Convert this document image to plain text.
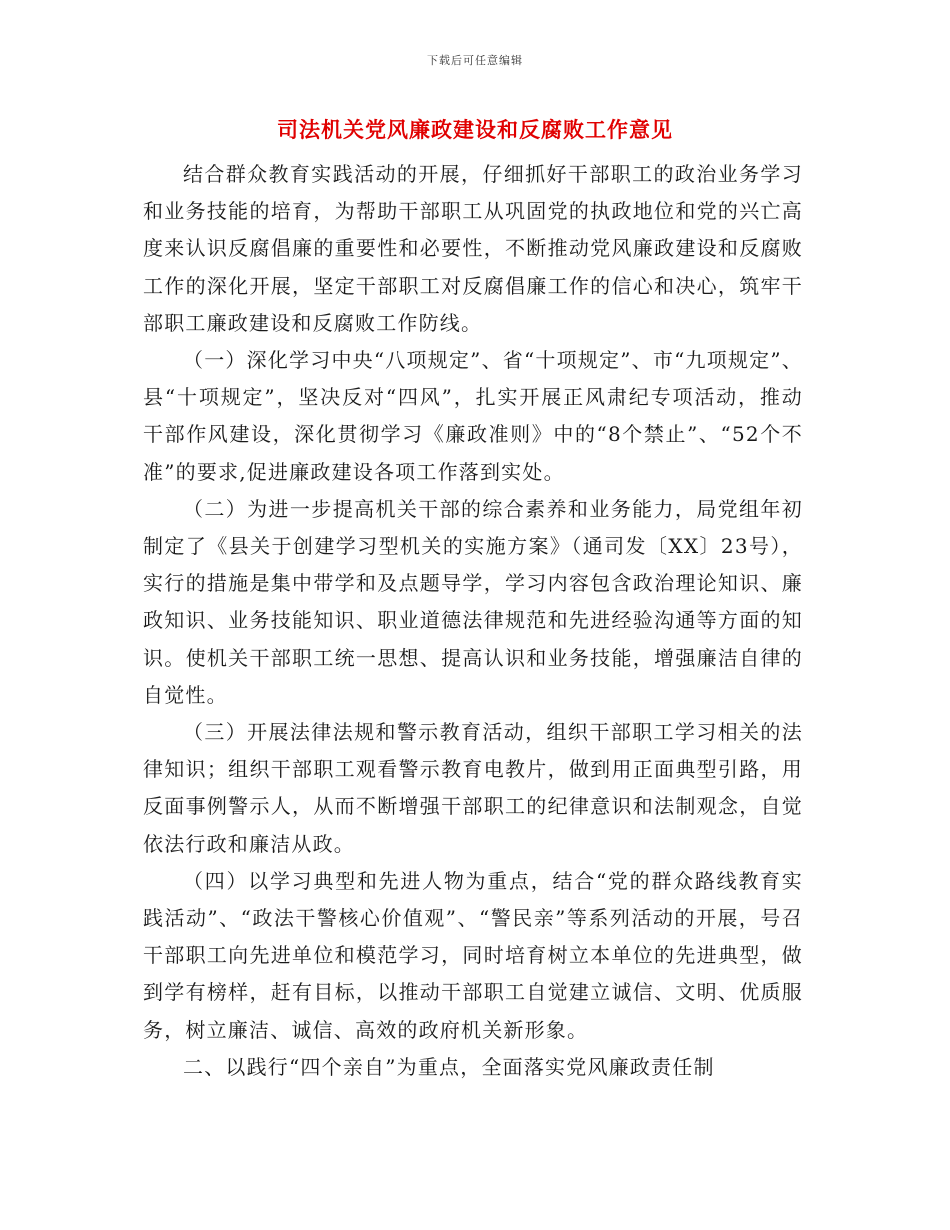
下载后可任意编辑
司法机关党风廉政建设和反腐败工作意见

结合群众教育实践活动的开展，仔细抓好干部职工的政治业务学习和业务技能的培育，为帮助干部职工从巩固党的执政地位和党的兴亡高度来认识反腐倡廉的重要性和必要性，不断推动党风廉政建设和反腐败工作的深化开展，坚定干部职工对反腐倡廉工作的信心和决心，筑牢干部职工廉政建设和反腐败工作防线。

（一）深化学习中央“八项规定”、省“十项规定”、市“九项规定”、县“十项规定”，坚决反对“四风”，扎实开展正风肃纪专项活动，推动干部作风建设，深化贯彻学习《廉政准则》中的“8个禁止”、“52个不准”的要求,促进廉政建设各项工作落到实处。

（二）为进一步提高机关干部的综合素养和业务能力，局党组年初制定了《县关于创建学习型机关的实施方案》（通司发〔XX〕23号），实行的措施是集中带学和及点题导学，学习内容包含政治理论知识、廉政知识、业务技能知识、职业道德法律规范和先进经验沟通等方面的知识。使机关干部职工统一思想、提高认识和业务技能，增强廉洁自律的自觉性。

（三）开展法律法规和警示教育活动，组织干部职工学习相关的法律知识；组织干部职工观看警示教育电教片，做到用正面典型引路，用反面事例警示人，从而不断增强干部职工的纪律意识和法制观念，自觉依法行政和廉洁从政。

（四）以学习典型和先进人物为重点，结合“党的群众路线教育实践活动”、“政法干警核心价值观”、“警民亲”等系列活动的开展，号召干部职工向先进单位和模范学习，同时培育树立本单位的先进典型，做到学有榜样，赶有目标，以推动干部职工自觉建立诚信、文明、优质服务，树立廉洁、诚信、高效的政府机关新形象。

二、以践行“四个亲自”为重点，全面落实党风廉政责任制
